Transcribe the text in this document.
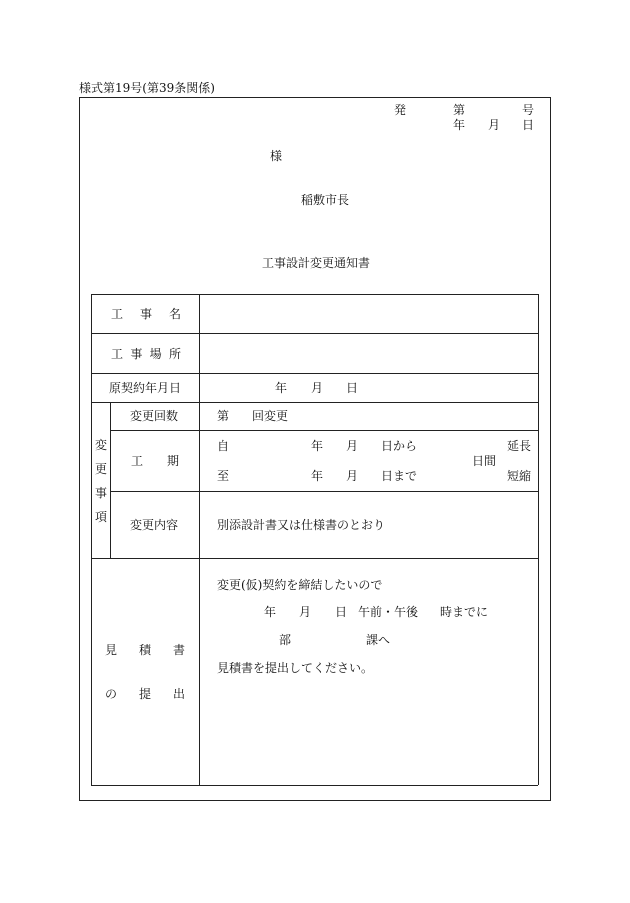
様式第19号(第39条関係)
発	第	号
年 月 日
様
稲敷市長
工事設計変更通知書
工 事 名
工 事 場 所
原契約年月日	年 月 日
変
更
事
項
変更回数	第 回変更
工 期
自	年 月 日から	延長
日間
至	年 月 日まで	短縮
変更内容	別添設計書又は仕様書のとおり
見 積 書
の 提 出
変更(仮)契約を締結したいので
年 月 日 午前・午後 時までに
部	課へ
見積書を提出してください。
